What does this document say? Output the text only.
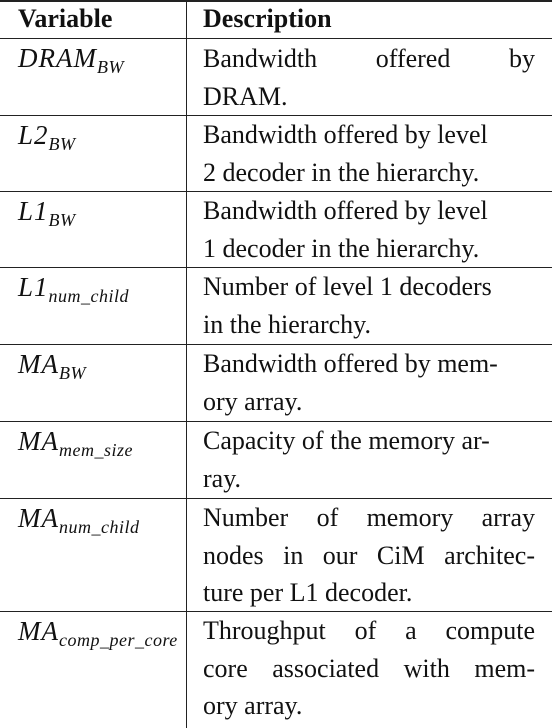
Variable	Description
$DRAM_{BW}$	Bandwidth offered by
DRAM.
$L2_{BW}$	Bandwidth offered by level
2 decoder in the hierarchy.
$L1_{BW}$	Bandwidth offered by level
1 decoder in the hierarchy.
$L1_{num\_child}$	Number of level 1 decoders
in the hierarchy.
$MA_{BW}$	Bandwidth offered by mem-
ory array.
$MA_{mem\_size}$	Capacity of the memory ar-
ray.
$MA_{num\_child}$ Number of memory array
nodes in our CiM architec-
ture per L1 decoder.
$MA_{comp\_per\_core}$ Throughput of a compute
core associated with mem-
ory array.
